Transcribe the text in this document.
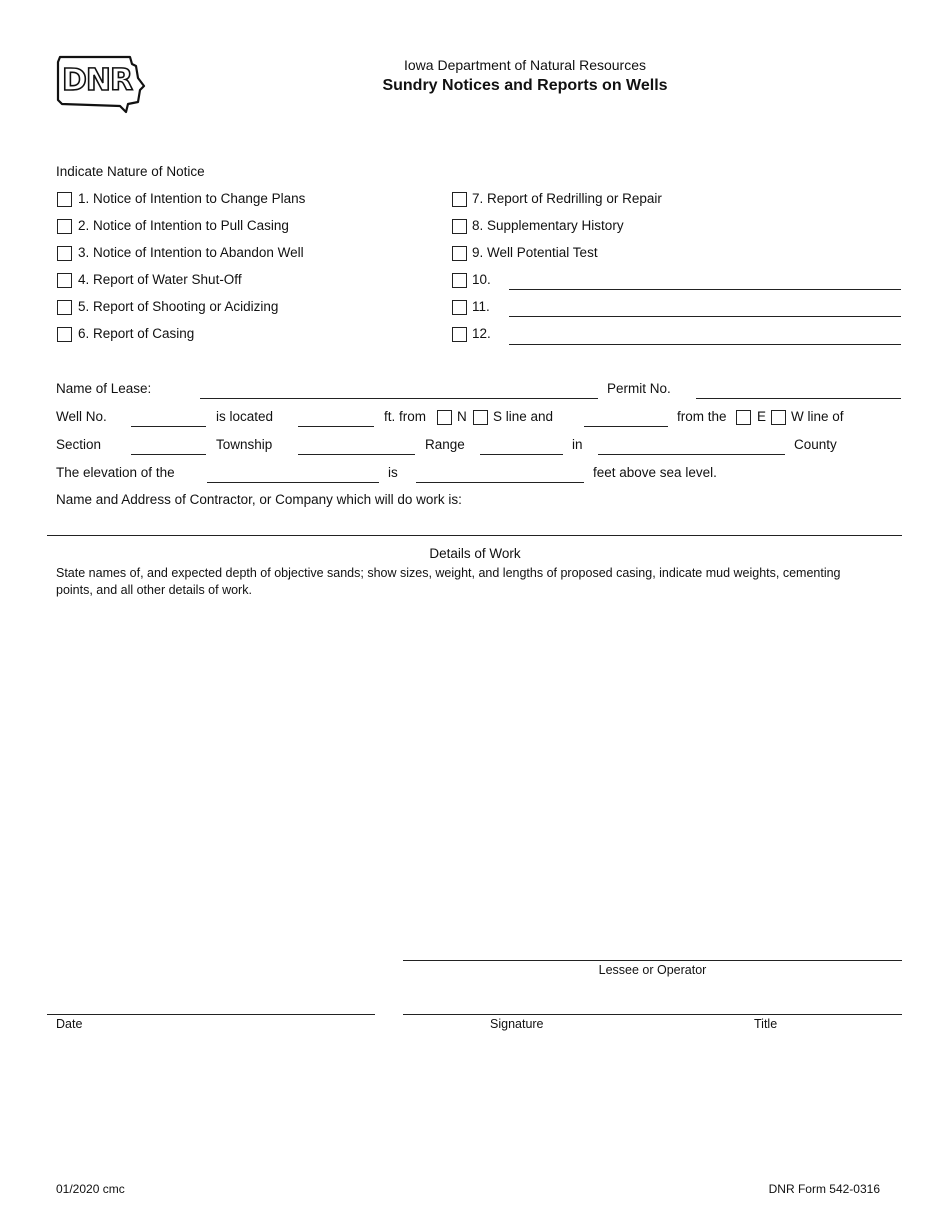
DNR	Iowa Department of Natural Resources
Sundry Notices and Reports on Wells
Indicate Nature of Notice
1. Notice of Intention to Change Plans
2. Notice of Intention to Pull Casing
3. Notice of Intention to Abandon Well
4. Report of Water Shut-Off
5. Report of Shooting or Acidizing
6. Report of Casing
7. Report of Redrilling or Repair
8. Supplementary History
9. Well Potential Test
10.
11.
12.
Name of Lease:	Permit No.
Well No.	is located	ft. from N S line and	from the E W line of
Section	Township	Range	in	County
The elevation of the	is	feet above sea level.
Name and Address of Contractor, or Company which will do work is:
Details of Work
State names of, and expected depth of objective sands; show sizes, weight, and lengths of proposed casing, indicate mud weights, cementing points, and all other details of work.
Lessee or Operator
Date	Signature	Title
01/2020 cmc	DNR Form 542-0316
